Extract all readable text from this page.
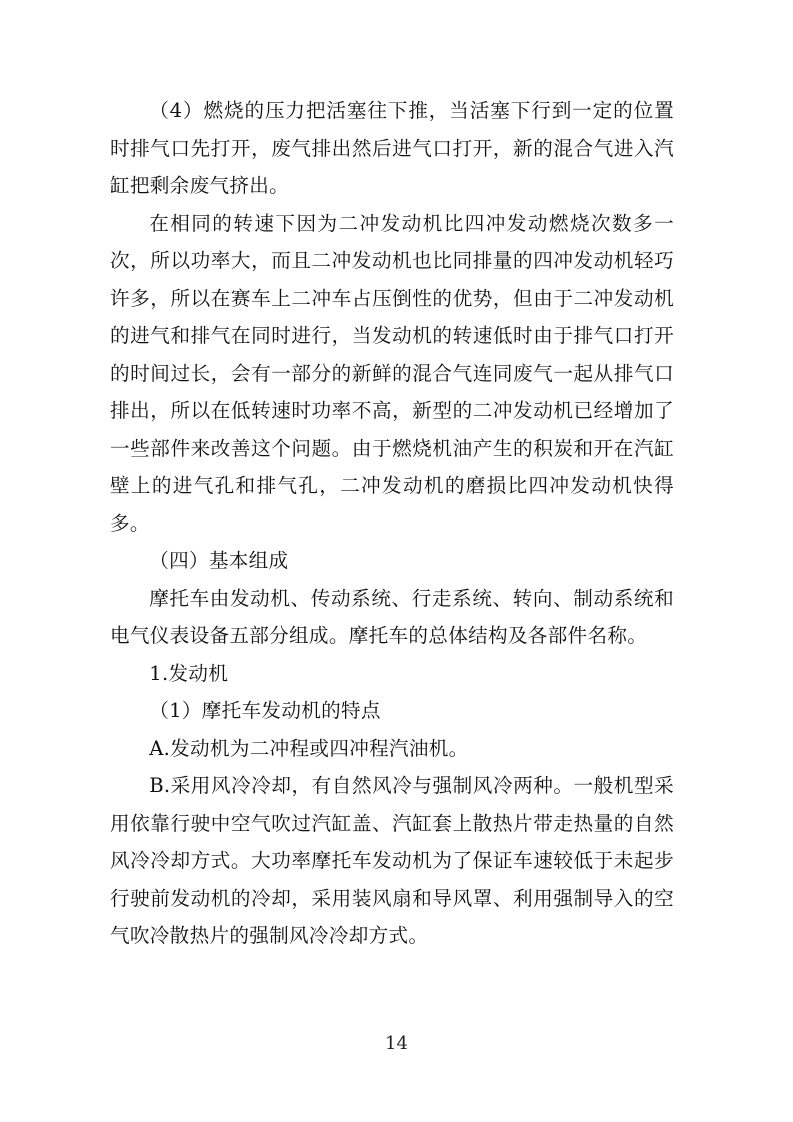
（4）燃烧的压力把活塞往下推，当活塞下行到一定的位置时排气口先打开，废气排出然后进气口打开，新的混合气进入汽缸把剩余废气挤出。

在相同的转速下因为二冲发动机比四冲发动燃烧次数多一次，所以功率大，而且二冲发动机也比同排量的四冲发动机轻巧许多，所以在赛车上二冲车占压倒性的优势，但由于二冲发动机的进气和排气在同时进行，当发动机的转速低时由于排气口打开的时间过长，会有一部分的新鲜的混合气连同废气一起从排气口排出，所以在低转速时功率不高，新型的二冲发动机已经增加了一些部件来改善这个问题。由于燃烧机油产生的积炭和开在汽缸壁上的进气孔和排气孔，二冲发动机的磨损比四冲发动机快得多。

（四）基本组成

摩托车由发动机、传动系统、行走系统、转向、制动系统和电气仪表设备五部分组成。摩托车的总体结构及各部件名称。

1.发动机

（1）摩托车发动机的特点

A.发动机为二冲程或四冲程汽油机。

B.采用风冷冷却，有自然风冷与强制风冷两种。一般机型采用依靠行驶中空气吹过汽缸盖、汽缸套上散热片带走热量的自然风冷冷却方式。大功率摩托车发动机为了保证车速较低于未起步行驶前发动机的冷却，采用装风扇和导风罩、利用强制导入的空气吹冷散热片的强制风冷冷却方式。

14
